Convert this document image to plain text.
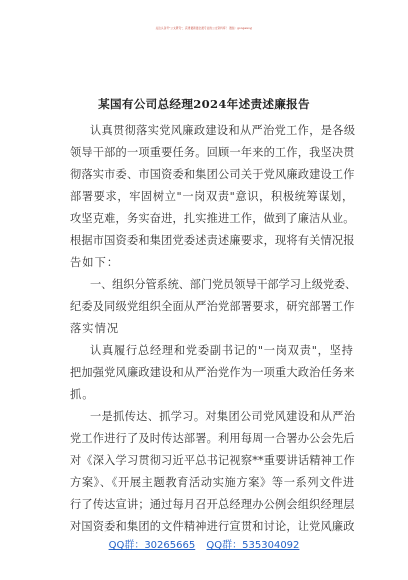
关注头条号"公文研究"，获得最新最全最专业的公文资料库！ 微信：gongwenyj
某国有公司总经理2024年述责述廉报告
认真贯彻落实党风廉政建设和从严治党工作，是各级
领导干部的一项重要任务。回顾一年来的工作，我坚决贯
彻落实市委、市国资委和集团公司关于党风廉政建设工作
部署要求，牢固树立"一岗双责"意识，积极统筹谋划，
攻坚克难，务实奋进，扎实推进工作，做到了廉洁从业。
根据市国资委和集团党委述责述廉要求，现将有关情况报
告如下：
一、组织分管系统、部门党员领导干部学习上级党委、
纪委及同级党组织全面从严治党部署要求，研究部署工作
落实情况
认真履行总经理和党委副书记的"一岗双责"，坚持
把加强党风廉政建设和从严治党作为一项重大政治任务来
抓。
一是抓传达、抓学习。对集团公司党风建设和从严治
党工作进行了及时传达部署。利用每周一合署办公会先后
对《深入学习贯彻习近平总书记视察**重要讲话精神工作
方案》、《开展主题教育活动实施方案》等一系列文件进
行了传达宣讲；通过每月召开总经理办公例会组织经理层
对国资委和集团的文件精神进行宣贯和讨论，让党风廉政
QQ群：30265665 QQ群：535304092
